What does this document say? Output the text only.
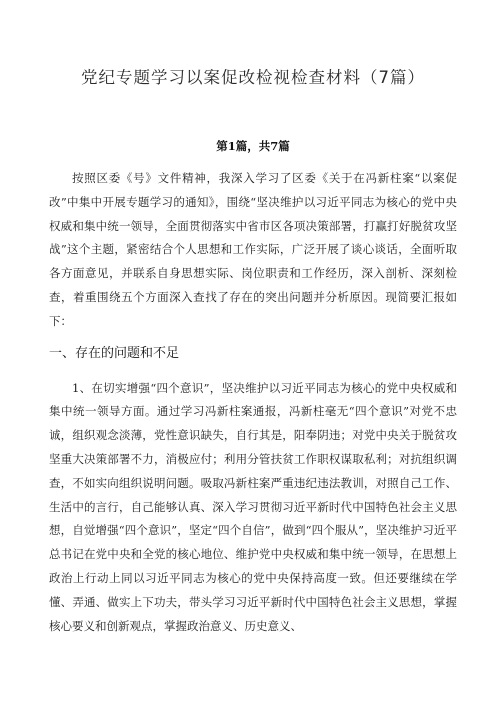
党纪专题学习以案促改检视检查材料（7篇）

第1篇，共7篇

按照区委《号》文件精神，我深入学习了区委《关于在冯新柱案“以案促改”中集中开展专题学习的通知》，围绕“坚决维护以习近平同志为核心的党中央权威和集中统一领导，全面贯彻落实中省市区各项决策部署，打赢打好脱贫攻坚战”这个主题，紧密结合个人思想和工作实际，广泛开展了谈心谈话，全面听取各方面意见，并联系自身思想实际、岗位职责和工作经历，深入剖析、深刻检查，着重围绕五个方面深入查找了存在的突出问题并分析原因。现简要汇报如下：

一、存在的问题和不足

1、在切实增强“四个意识”，坚决维护以习近平同志为核心的党中央权威和集中统一领导方面。通过学习冯新柱案通报，冯新柱毫无“四个意识”对党不忠诚，组织观念淡薄，党性意识缺失，自行其是，阳奉阴违；对党中央关于脱贫攻坚重大决策部署不力，消极应付；利用分管扶贫工作职权谋取私利；对抗组织调查，不如实向组织说明问题。吸取冯新柱案严重违纪违法教训，对照自己工作、生活中的言行，自己能够认真、深入学习贯彻习近平新时代中国特色社会主义思想，自觉增强“四个意识”，坚定“四个自信”，做到“四个服从”，坚决维护习近平总书记在党中央和全党的核心地位、维护党中央权威和集中统一领导，在思想上政治上行动上同以习近平同志为核心的党中央保持高度一致。但还要继续在学懂、弄通、做实上下功夫，带头学习习近平新时代中国特色社会主义思想，掌握核心要义和创新观点，掌握政治意义、历史意义、
